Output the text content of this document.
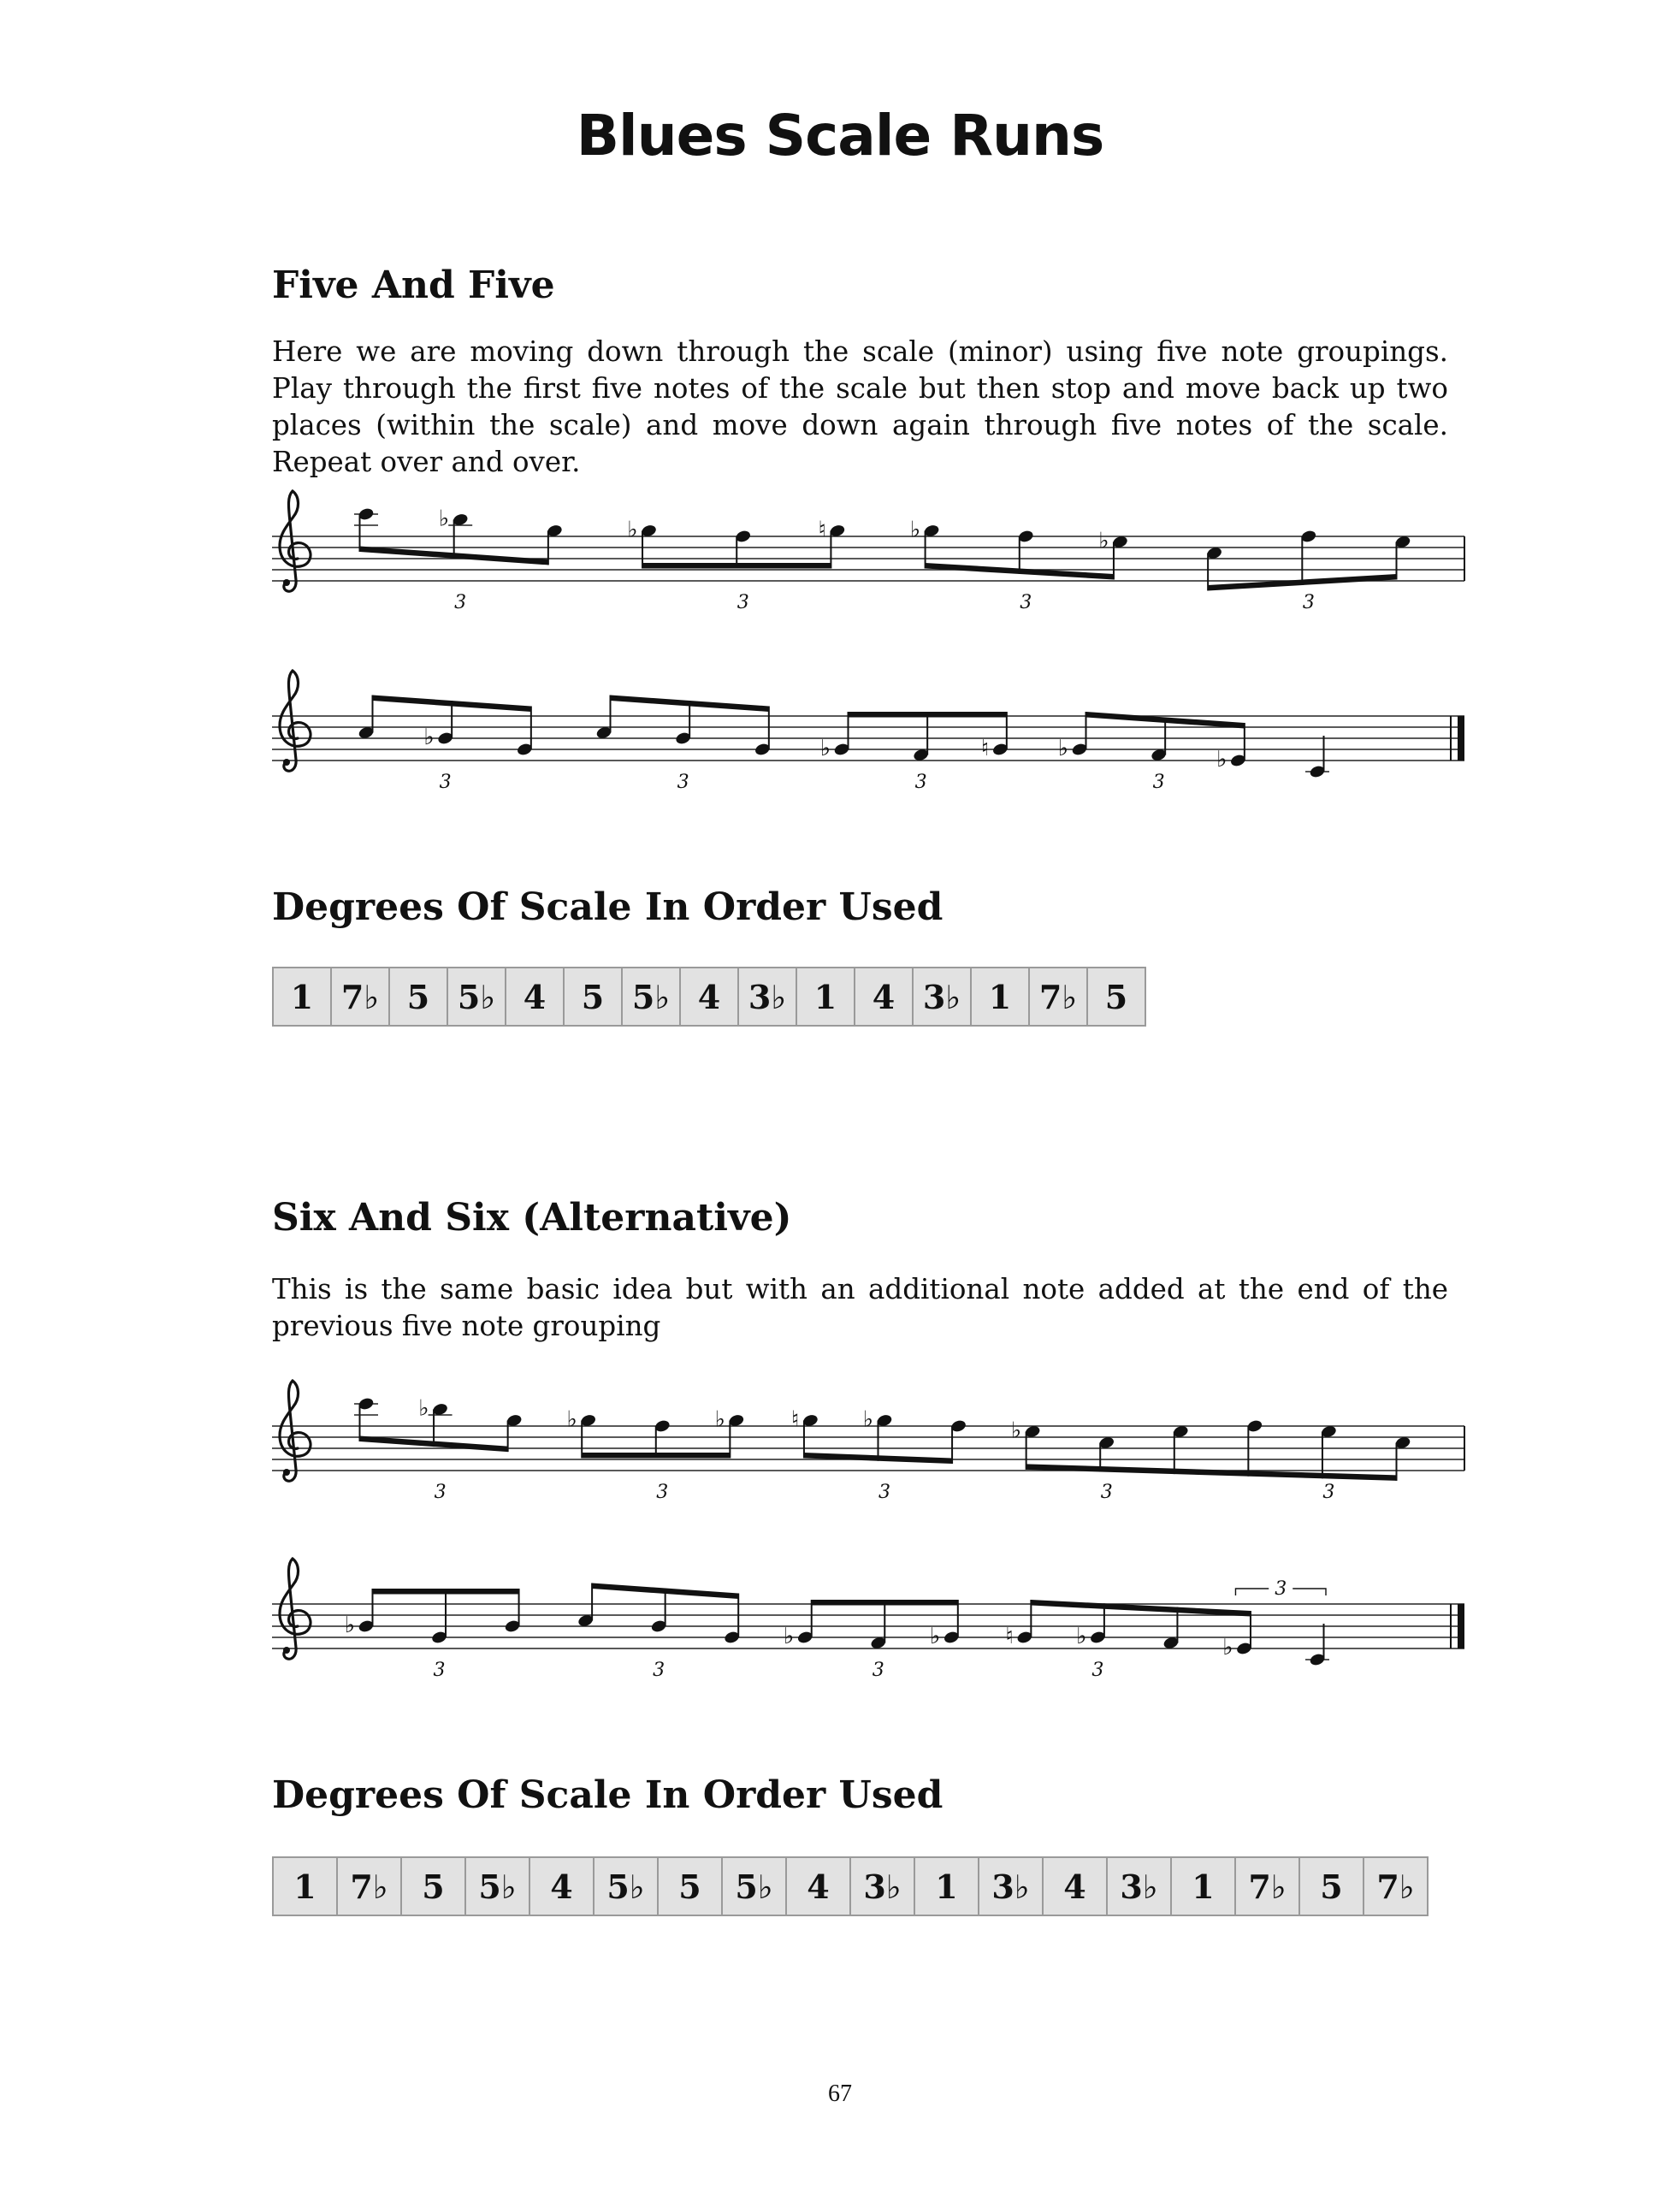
Blues Scale Runs
Five And Five

Here we are moving down through the scale (minor) using five note groupings. Play through the first five notes of the scale but then stop and move back up two places (within the scale) and move down again through five notes of the scale. Repeat over and over.

♭	♭	♮	♭	♭
3	3	3	3
♭	♭	♮	♭	♭
3	3	3	3
Degrees Of Scale In Order Used
1	7♭	5	5♭	4	5	5♭	4	3♭	1	4	3♭	1	7♭	5
Six And Six (Alternative)

This is the same basic idea but with an additional note added at the end of the previous five note grouping

♭	♭	♭	♮	♭	♭
3	3	3	3	3
♭	♭	♭	♮	♭	♭
3	3	3	3
3
Degrees Of Scale In Order Used
1	7♭	5	5♭	4	5♭	5	5♭	4	3♭	1	3♭	4	3♭	1	7♭	5	7♭
67
